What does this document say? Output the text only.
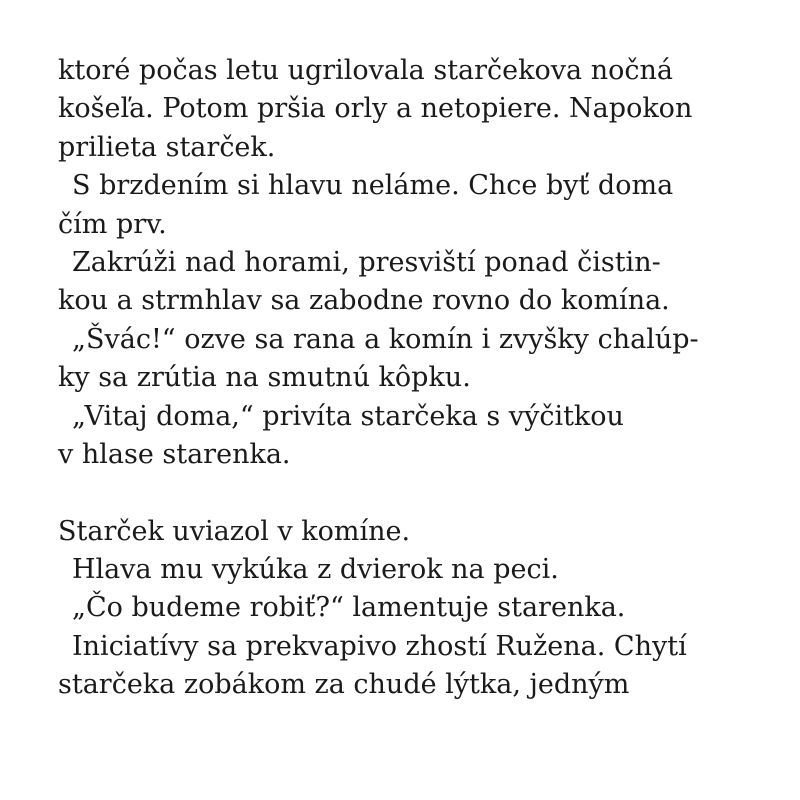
ktoré počas letu ugrilovala starčekova nočná
košeľa. Potom pršia orly a netopiere. Napokon
prilieta starček.
S brzdením si hlavu neláme. Chce byť doma
čím prv.
Zakrúži nad horami, presviští ponad čistin-
kou a strmhlav sa zabodne rovno do komína.
„Švác!“ ozve sa rana a komín i zvyšky chalúp-
ky sa zrútia na smutnú kôpku.
„Vitaj doma,“ privíta starčeka s výčitkou
v hlase starenka.
Starček uviazol v komíne.
Hlava mu vykúka z dvierok na peci.
„Čo budeme robiť?“ lamentuje starenka.
Iniciatívy sa prekvapivo zhostí Ružena. Chytí
starčeka zobákom za chudé lýtka, jedným
